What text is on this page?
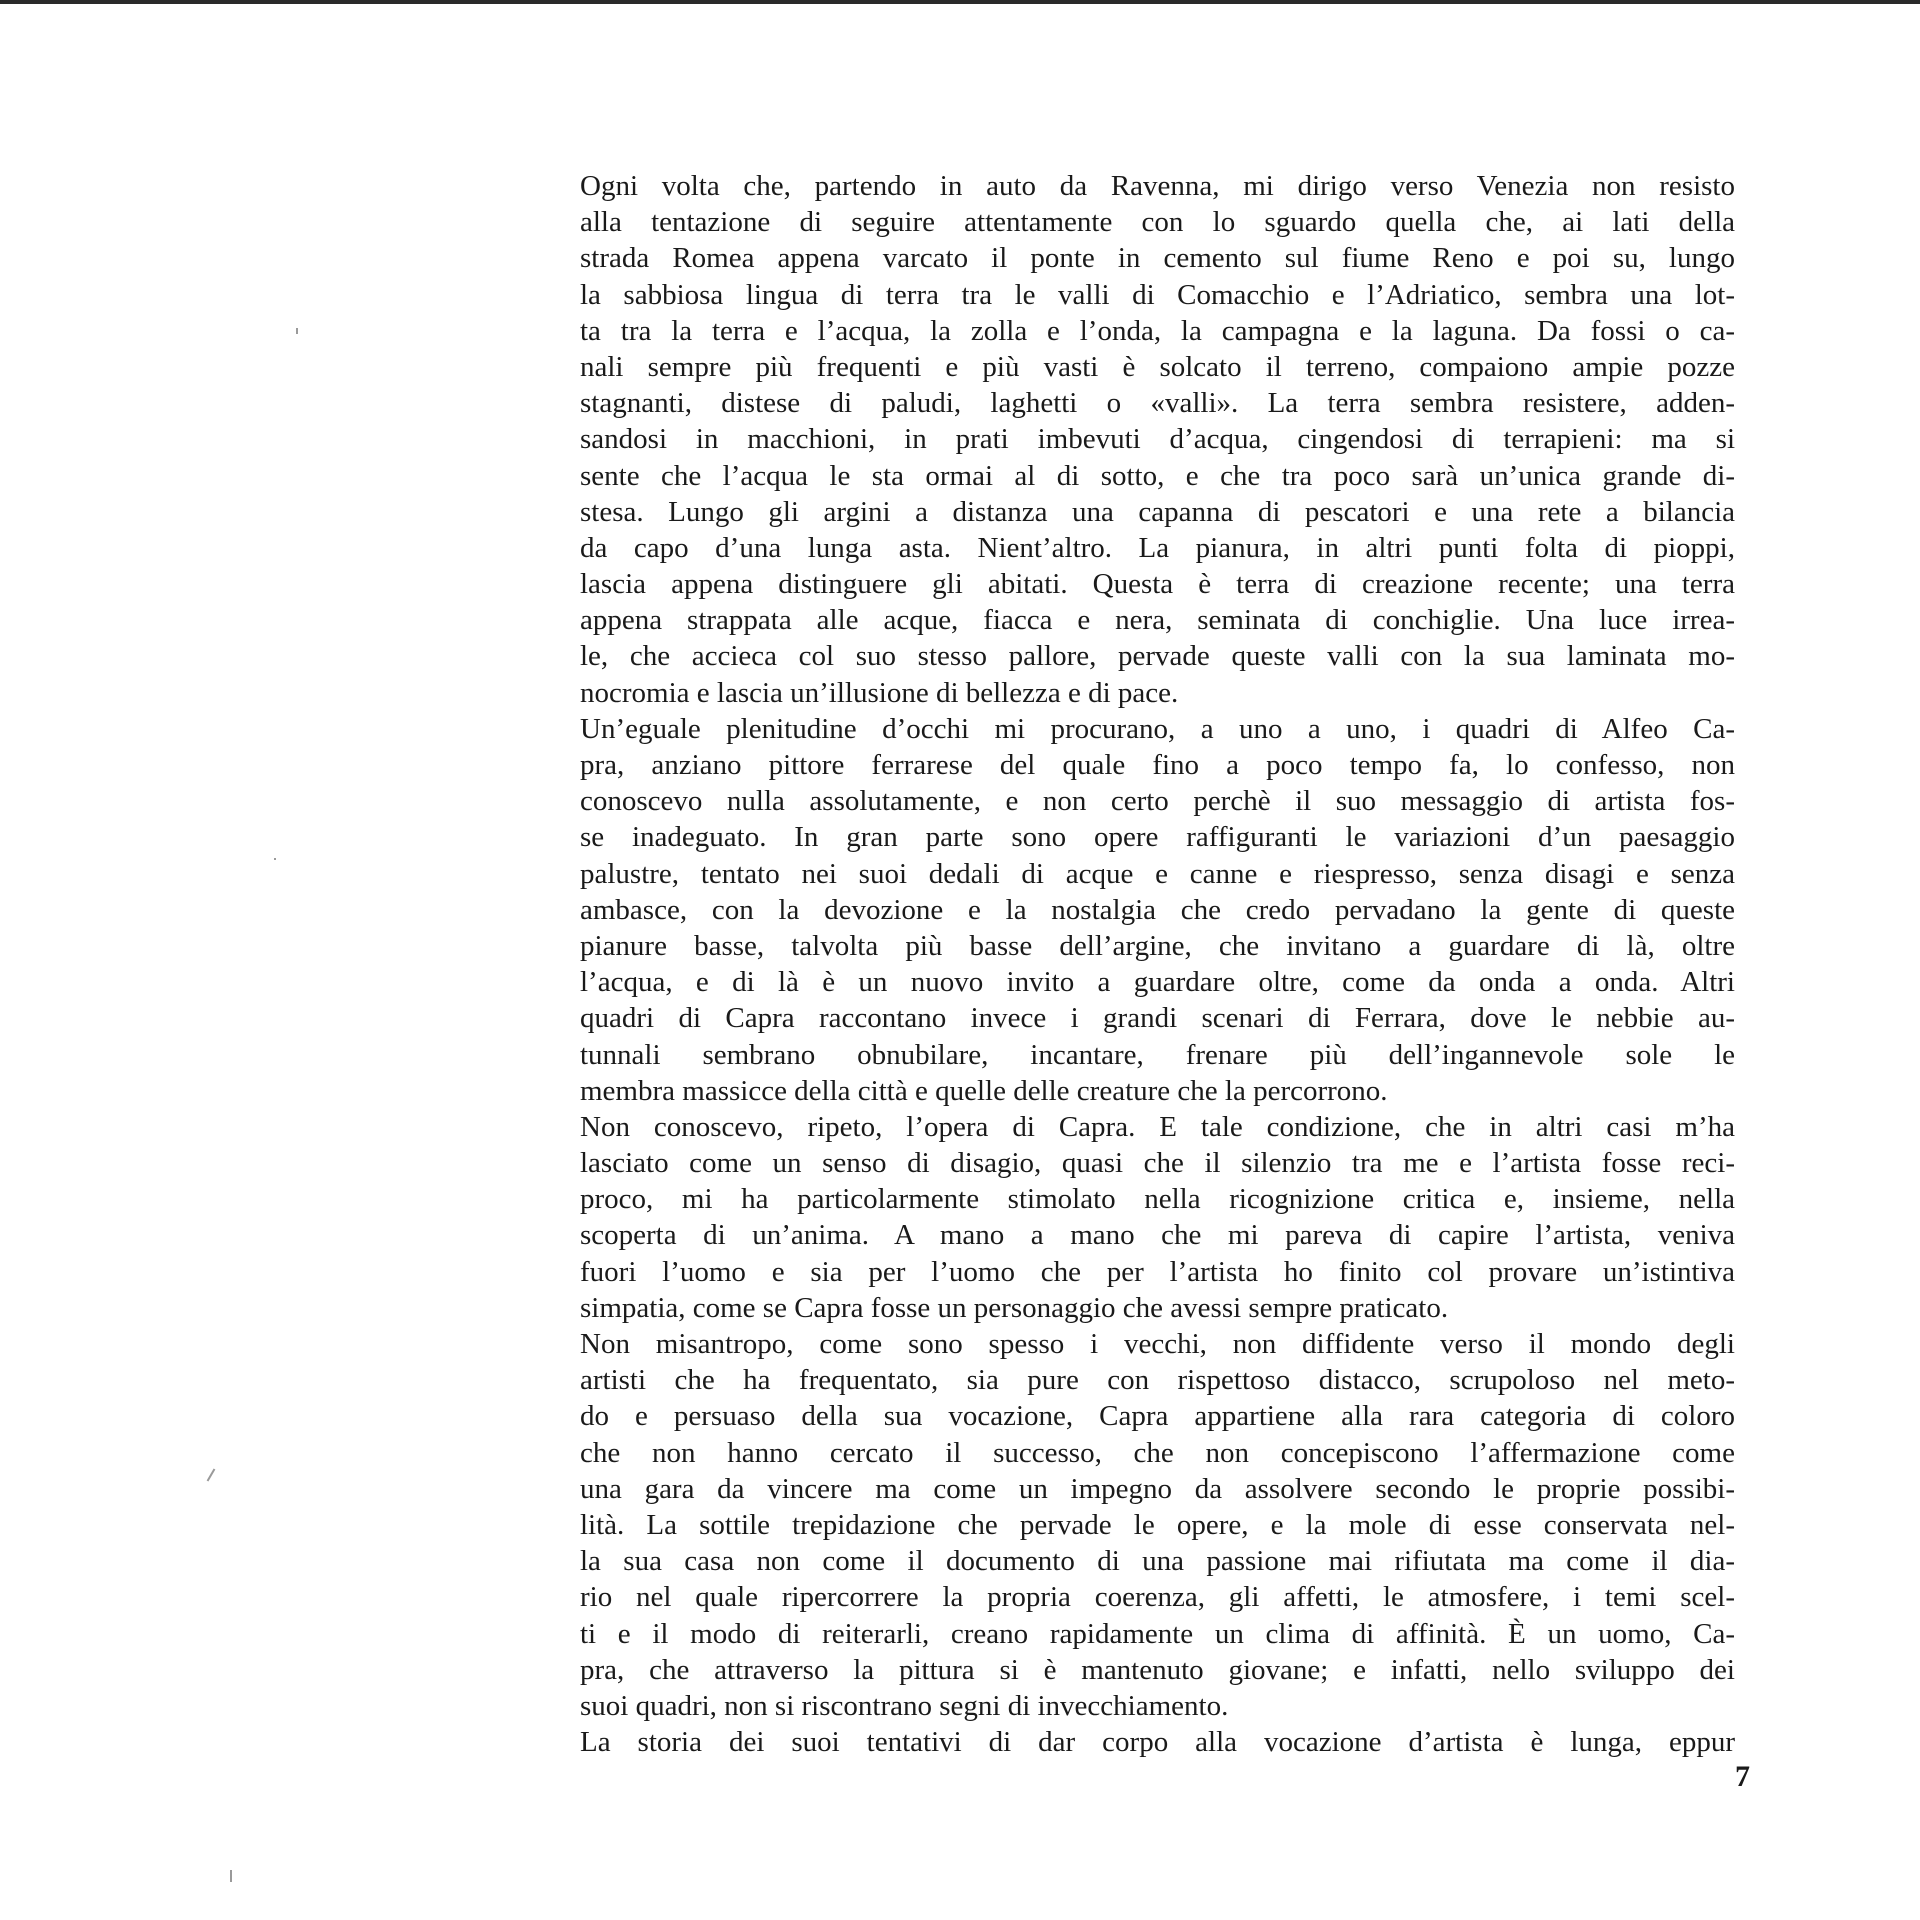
Ogni volta che, partendo in auto da Ravenna, mi dirigo verso Venezia non resisto
alla tentazione di seguire attentamente con lo sguardo quella che, ai lati della
strada Romea appena varcato il ponte in cemento sul fiume Reno e poi su, lungo
la sabbiosa lingua di terra tra le valli di Comacchio e l’Adriatico, sembra una lot-
ta tra la terra e l’acqua, la zolla e l’onda, la campagna e la laguna. Da fossi o ca-
nali sempre più frequenti e più vasti è solcato il terreno, compaiono ampie pozze
stagnanti, distese di paludi, laghetti o «valli». La terra sembra resistere, adden-
sandosi in macchioni, in prati imbevuti d’acqua, cingendosi di terrapieni: ma si
sente che l’acqua le sta ormai al di sotto, e che tra poco sarà un’unica grande di-
stesa. Lungo gli argini a distanza una capanna di pescatori e una rete a bilancia
da capo d’una lunga asta. Nient’altro. La pianura, in altri punti folta di pioppi,
lascia appena distinguere gli abitati. Questa è terra di creazione recente; una terra
appena strappata alle acque, fiacca e nera, seminata di conchiglie. Una luce irrea-
le, che accieca col suo stesso pallore, pervade queste valli con la sua laminata mo-
nocromia e lascia un’illusione di bellezza e di pace.
Un’eguale plenitudine d’occhi mi procurano, a uno a uno, i quadri di Alfeo Ca-
pra, anziano pittore ferrarese del quale fino a poco tempo fa, lo confesso, non
conoscevo nulla assolutamente, e non certo perchè il suo messaggio di artista fos-
se inadeguato. In gran parte sono opere raffiguranti le variazioni d’un paesaggio
palustre, tentato nei suoi dedali di acque e canne e riespresso, senza disagi e senza
ambasce, con la devozione e la nostalgia che credo pervadano la gente di queste
pianure basse, talvolta più basse dell’argine, che invitano a guardare di là, oltre
l’acqua, e di là è un nuovo invito a guardare oltre, come da onda a onda. Altri
quadri di Capra raccontano invece i grandi scenari di Ferrara, dove le nebbie au-
tunnali sembrano obnubilare, incantare, frenare più dell’ingannevole sole le
membra massicce della città e quelle delle creature che la percorrono.
Non conoscevo, ripeto, l’opera di Capra. E tale condizione, che in altri casi m’ha
lasciato come un senso di disagio, quasi che il silenzio tra me e l’artista fosse reci-
proco, mi ha particolarmente stimolato nella ricognizione critica e, insieme, nella
scoperta di un’anima. A mano a mano che mi pareva di capire l’artista, veniva
fuori l’uomo e sia per l’uomo che per l’artista ho finito col provare un’istintiva
simpatia, come se Capra fosse un personaggio che avessi sempre praticato.
Non misantropo, come sono spesso i vecchi, non diffidente verso il mondo degli
artisti che ha frequentato, sia pure con rispettoso distacco, scrupoloso nel meto-
do e persuaso della sua vocazione, Capra appartiene alla rara categoria di coloro
che non hanno cercato il successo, che non concepiscono l’affermazione come
una gara da vincere ma come un impegno da assolvere secondo le proprie possibi-
lità. La sottile trepidazione che pervade le opere, e la mole di esse conservata nel-
la sua casa non come il documento di una passione mai rifiutata ma come il dia-
rio nel quale ripercorrere la propria coerenza, gli affetti, le atmosfere, i temi scel-
ti e il modo di reiterarli, creano rapidamente un clima di affinità. È un uomo, Ca-
pra, che attraverso la pittura si è mantenuto giovane; e infatti, nello sviluppo dei
suoi quadri, non si riscontrano segni di invecchiamento.
La storia dei suoi tentativi di dar corpo alla vocazione d’artista è lunga, eppur
7
